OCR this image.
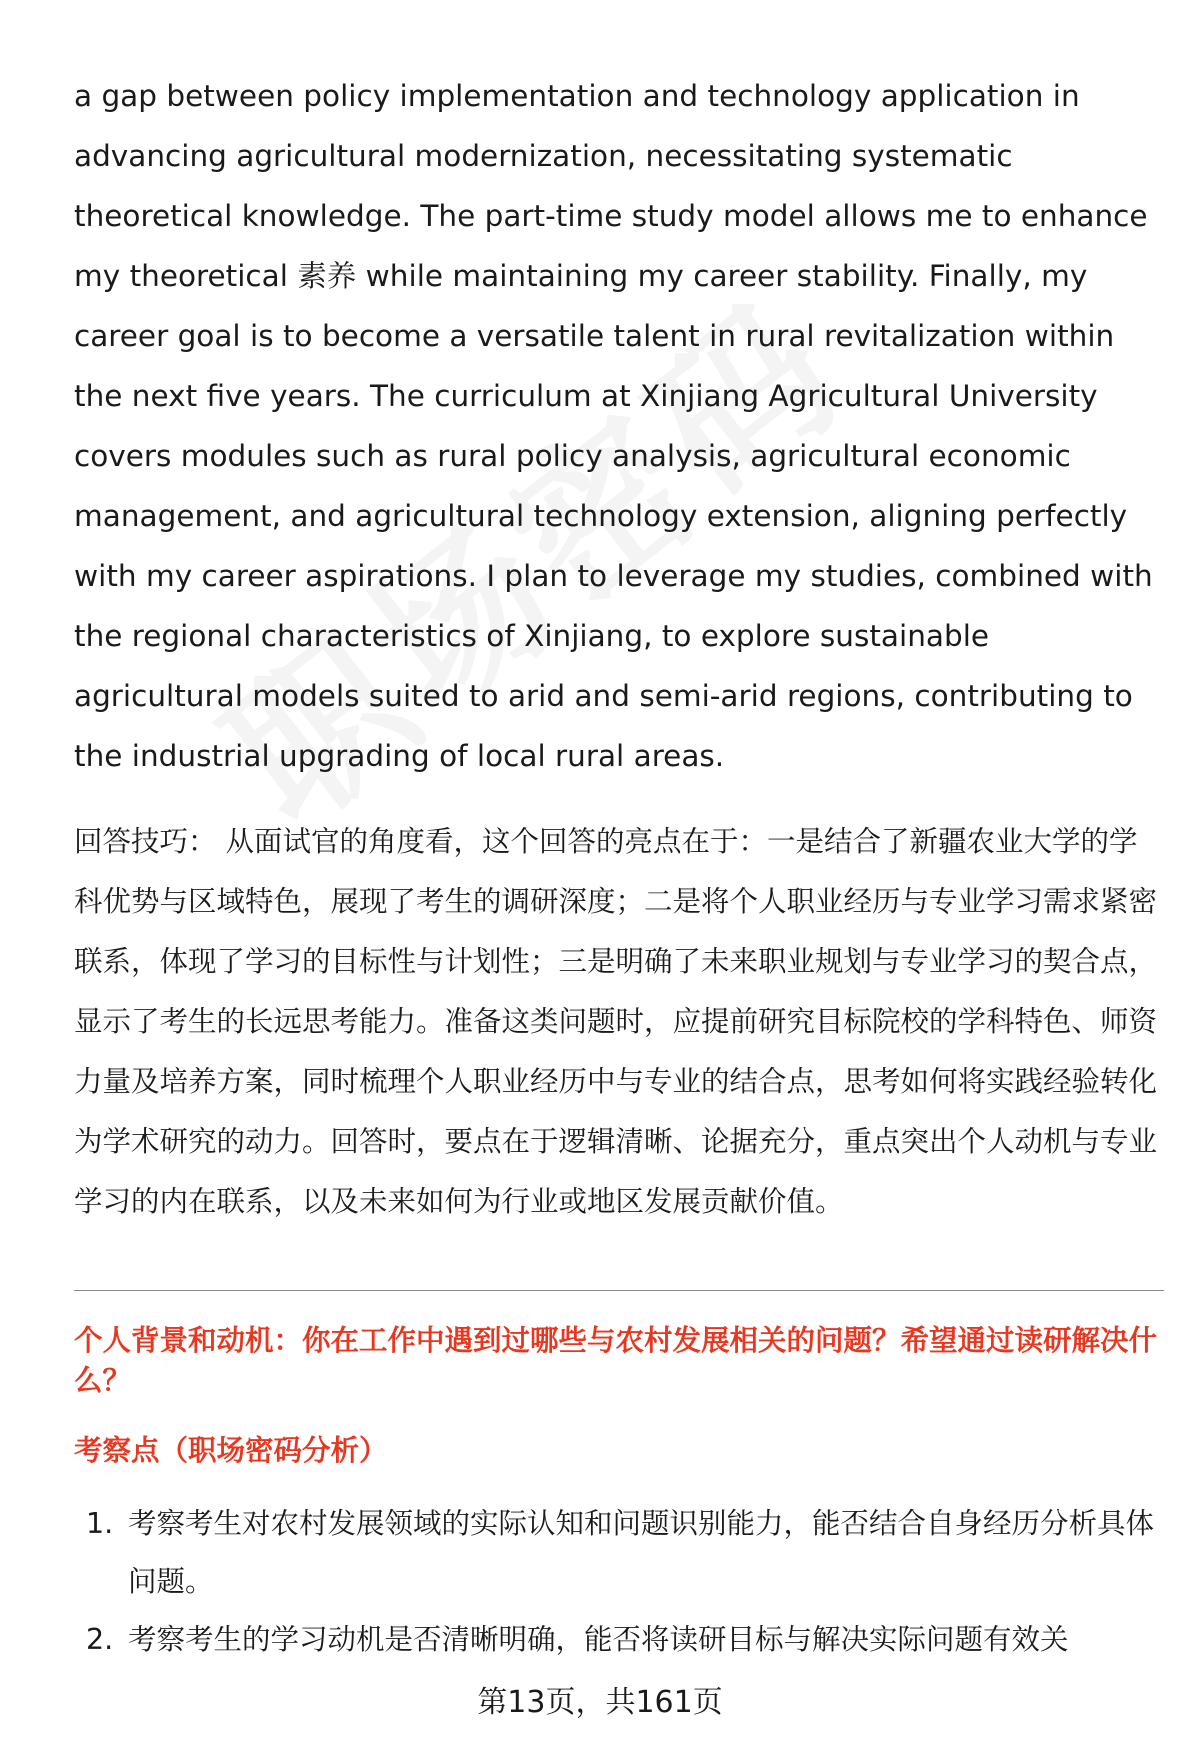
a gap between policy implementation and technology application in advancing agricultural modernization, necessitating systematic theoretical knowledge. The part-time study model allows me to enhance my theoretical 素养 while maintaining my career stability. Finally, my career goal is to become a versatile talent in rural revitalization within the next five years. The curriculum at Xinjiang Agricultural University covers modules such as rural policy analysis, agricultural economic management, and agricultural technology extension, aligning perfectly with my career aspirations. I plan to leverage my studies, combined with the regional characteristics of Xinjiang, to explore sustainable agricultural models suited to arid and semi-arid regions, contributing to the industrial upgrading of local rural areas.

回答技巧： 从面试官的角度看，这个回答的亮点在于：一是结合了新疆农业大学的学科优势与区域特色，展现了考生的调研深度；二是将个人职业经历与专业学习需求紧密联系，体现了学习的目标性与计划性；三是明确了未来职业规划与专业学习的契合点，显示了考生的长远思考能力。准备这类问题时，应提前研究目标院校的学科特色、师资力量及培养方案，同时梳理个人职业经历中与专业的结合点，思考如何将实践经验转化为学术研究的动力。回答时，要点在于逻辑清晰、论据充分，重点突出个人动机与专业学习的内在联系，以及未来如何为行业或地区发展贡献价值。

个人背景和动机：你在工作中遇到过哪些与农村发展相关的问题？希望通过读研解决什么？

考察点（职场密码分析）

1. 考察考生对农村发展领域的实际认知和问题识别能力，能否结合自身经历分析具体问题。
2. 考察考生的学习动机是否清晰明确，能否将读研目标与解决实际问题有效关
第13页，共161页
